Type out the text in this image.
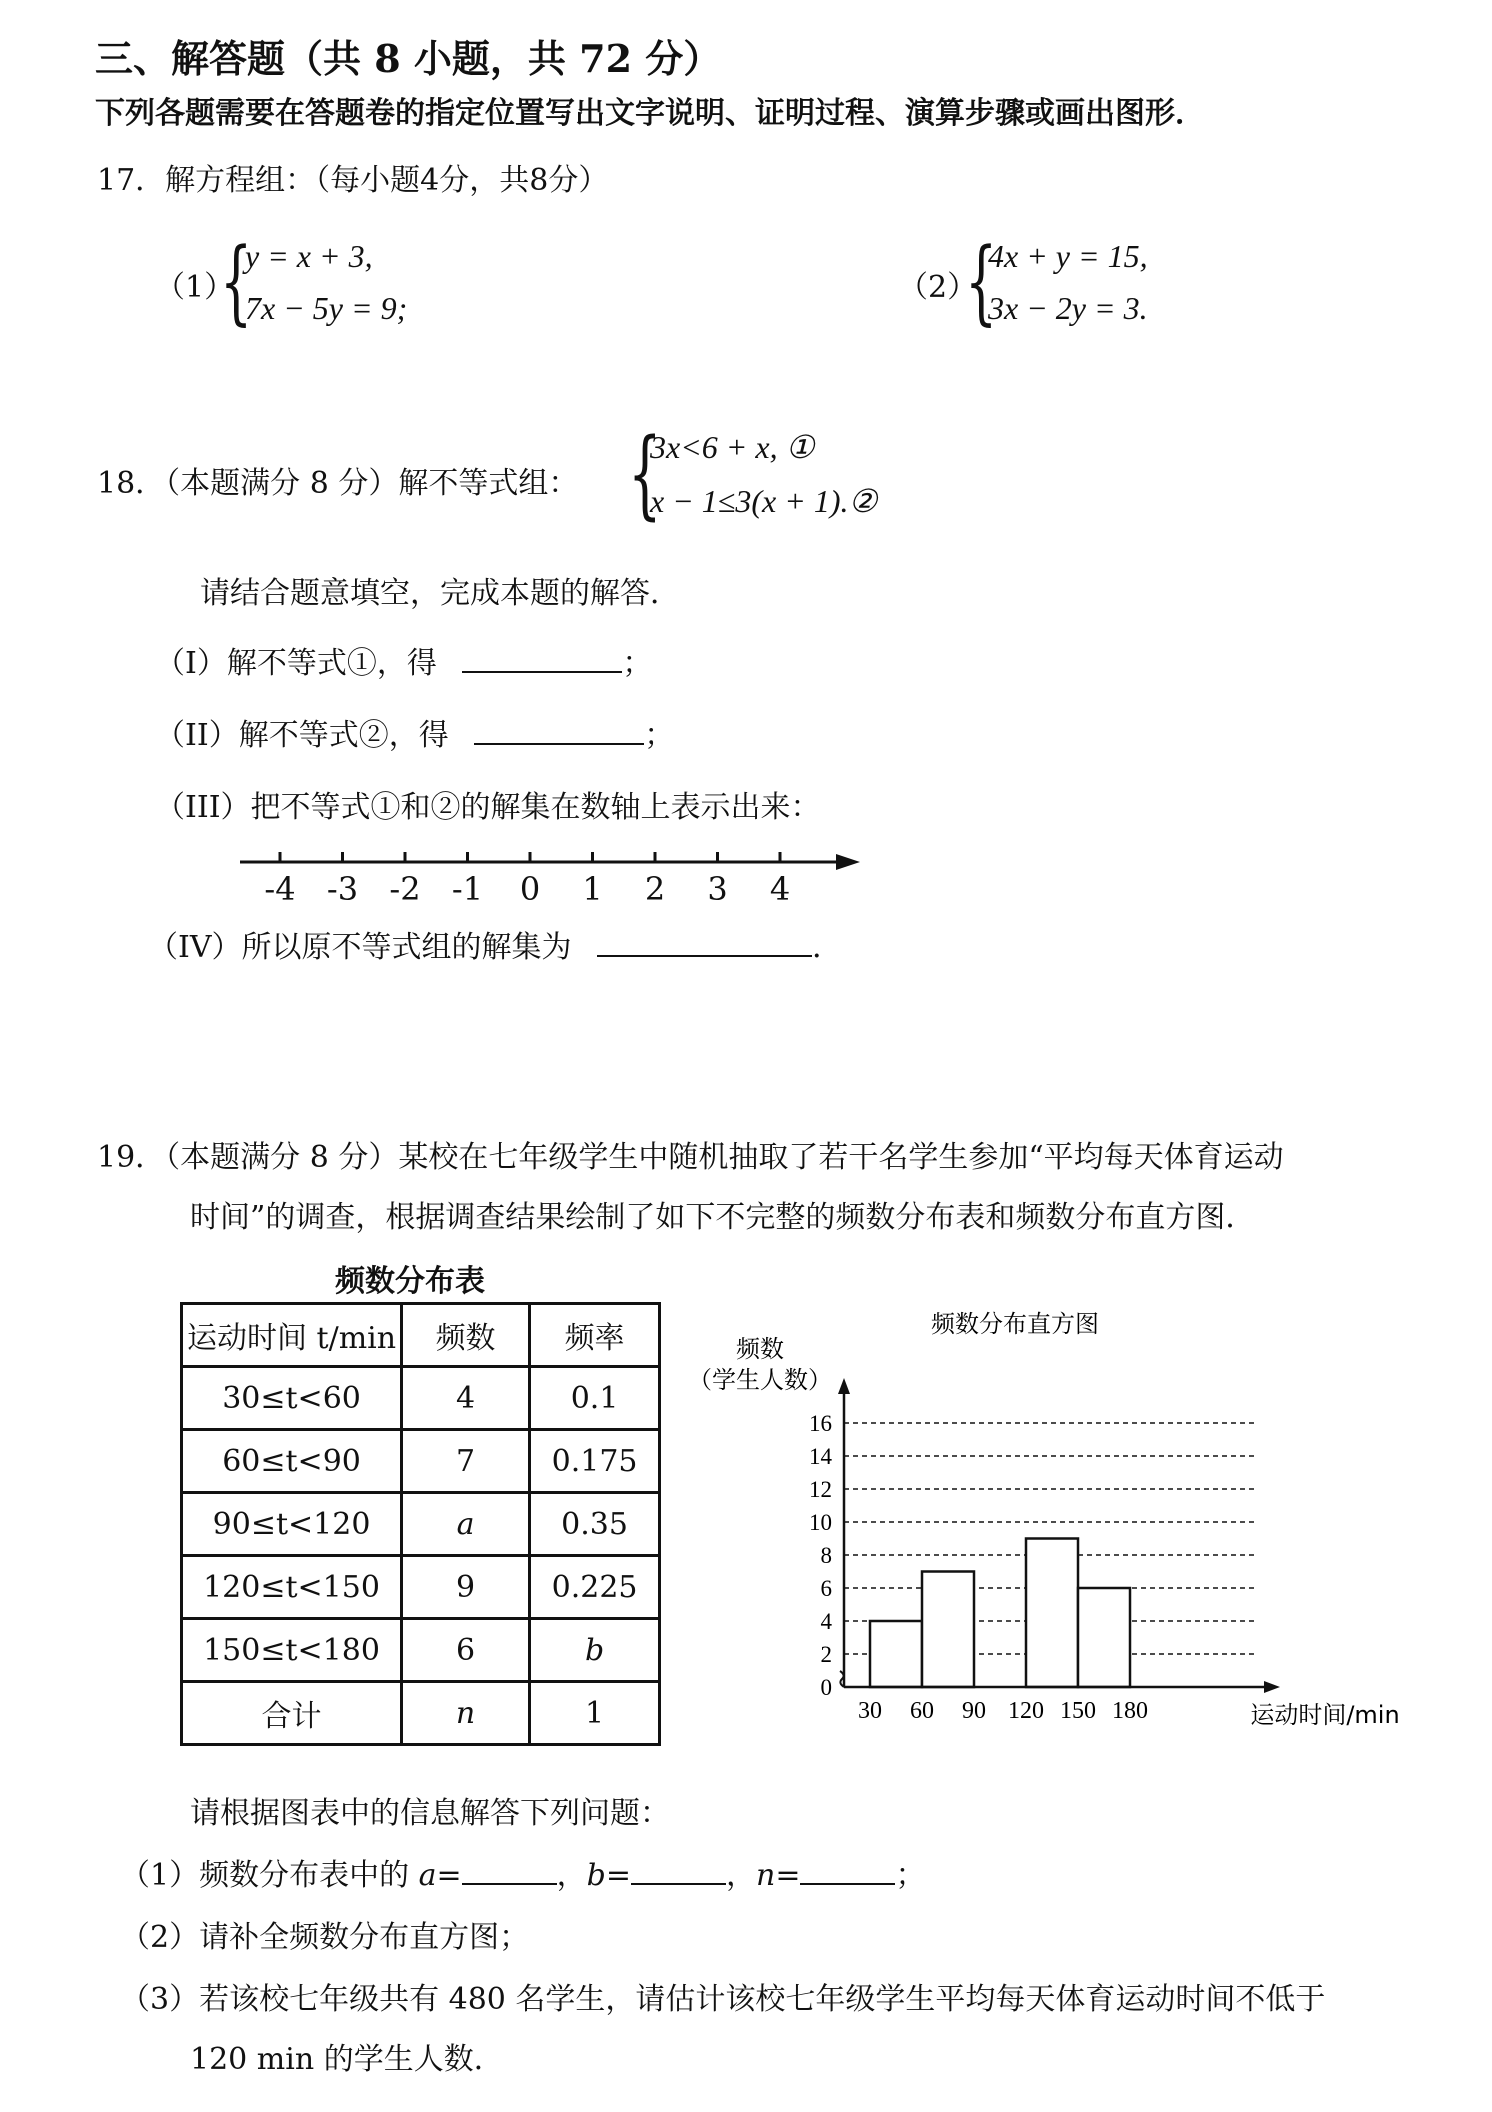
三、解答题（共 8 小题，共 72 分）
下列各题需要在答题卷的指定位置写出文字说明、证明过程、演算步骤或画出图形．
17．解方程组：（每小题4分，共8分）
（1）
{
y = x + 3,
7x − 5y = 9;
（2）
{
4x + y = 15,
3x − 2y = 3.
18．（本题满分 8 分）解不等式组： {
3x<6 + x, ①
x − 1≤3(x + 1).②
请结合题意填空，完成本题的解答．
（I）解不等式①，得	；
（II）解不等式②，得	；
（III）把不等式①和②的解集在数轴上表示出来：
-4 -3 -2 -1	0	1	2	3	4
（IV）所以原不等式组的解集为	．
19．（本题满分 8 分）某校在七年级学生中随机抽取了若干名学生参加“平均每天体育运动
时间”的调查，根据调查结果绘制了如下不完整的频数分布表和频数分布直方图．
频数分布表
运动时间 t/min	频数	频率
30≤t<60	4	0.1
60≤t<90	7	0.175
90≤t<120	a	0.35
120≤t<150	9	0.225
150≤t<180	6	b
合计	n	1
频数分布直方图
频数
（学生人数）
运动时间/min
0
2
4
6
8
10
12
14
16
30 60 90 120 150 180
请根据图表中的信息解答下列问题：
（1）频数分布表中的 a=	，b=	，n=	；
（2）请补全频数分布直方图；
（3）若该校七年级共有 480 名学生，请估计该校七年级学生平均每天体育运动时间不低于
120 min 的学生人数．
